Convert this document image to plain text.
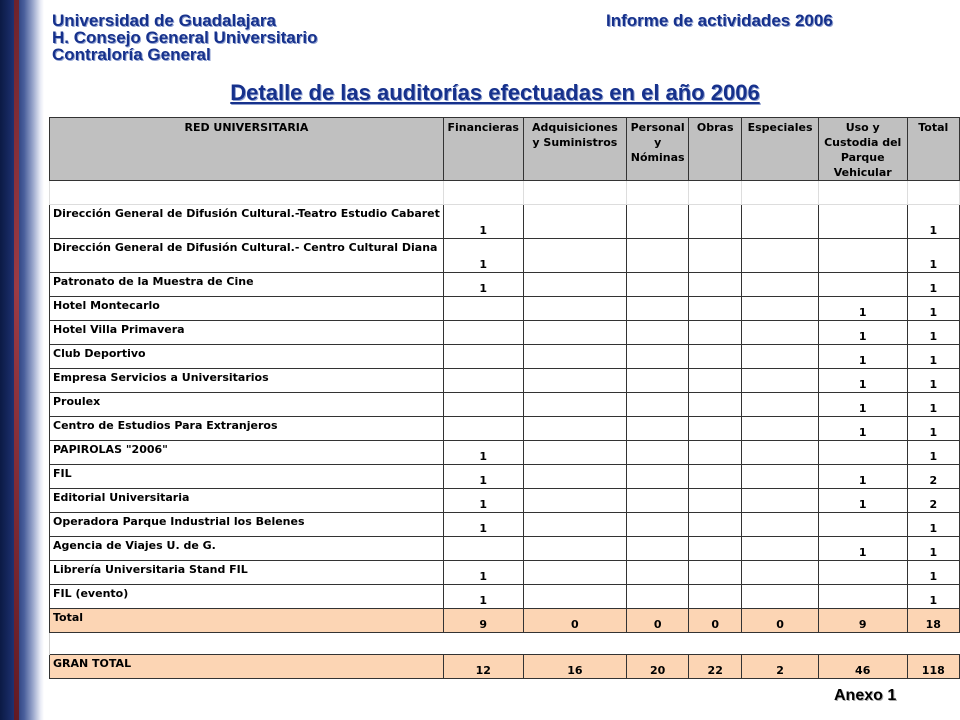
Universidad de Guadalajara
H. Consejo General Universitario
Contraloría General
Informe de actividades 2006
Detalle de las auditorías efectuadas en el año 2006
RED UNIVERSITARIA	Financieras	Adquisiciones y Suministros	Personal y Nóminas	Obras	Especiales	Uso y Custodia del Parque Vehicular	Total

Dirección General de Difusión Cultural.-Teatro Estudio Cabaret	1						1
Dirección General de Difusión Cultural.- Centro Cultural Diana	1						1
Patronato de la Muestra de Cine	1						1
Hotel Montecarlo						1	1
Hotel Villa Primavera						1	1
Club Deportivo						1	1
Empresa Servicios a Universitarios						1	1
Proulex						1	1
Centro de Estudios Para Extranjeros						1	1
PAPIROLAS "2006"	1						1
FIL	1					1	2
Editorial Universitaria	1					1	2
Operadora Parque Industrial los Belenes	1						1
Agencia de Viajes U. de G.						1	1
Librería Universitaria Stand FIL	1						1
FIL (evento)	1						1
Total	9	0	0	0	0	9	18

GRAN TOTAL	12	16	20	22	2	46	118
Anexo 1
